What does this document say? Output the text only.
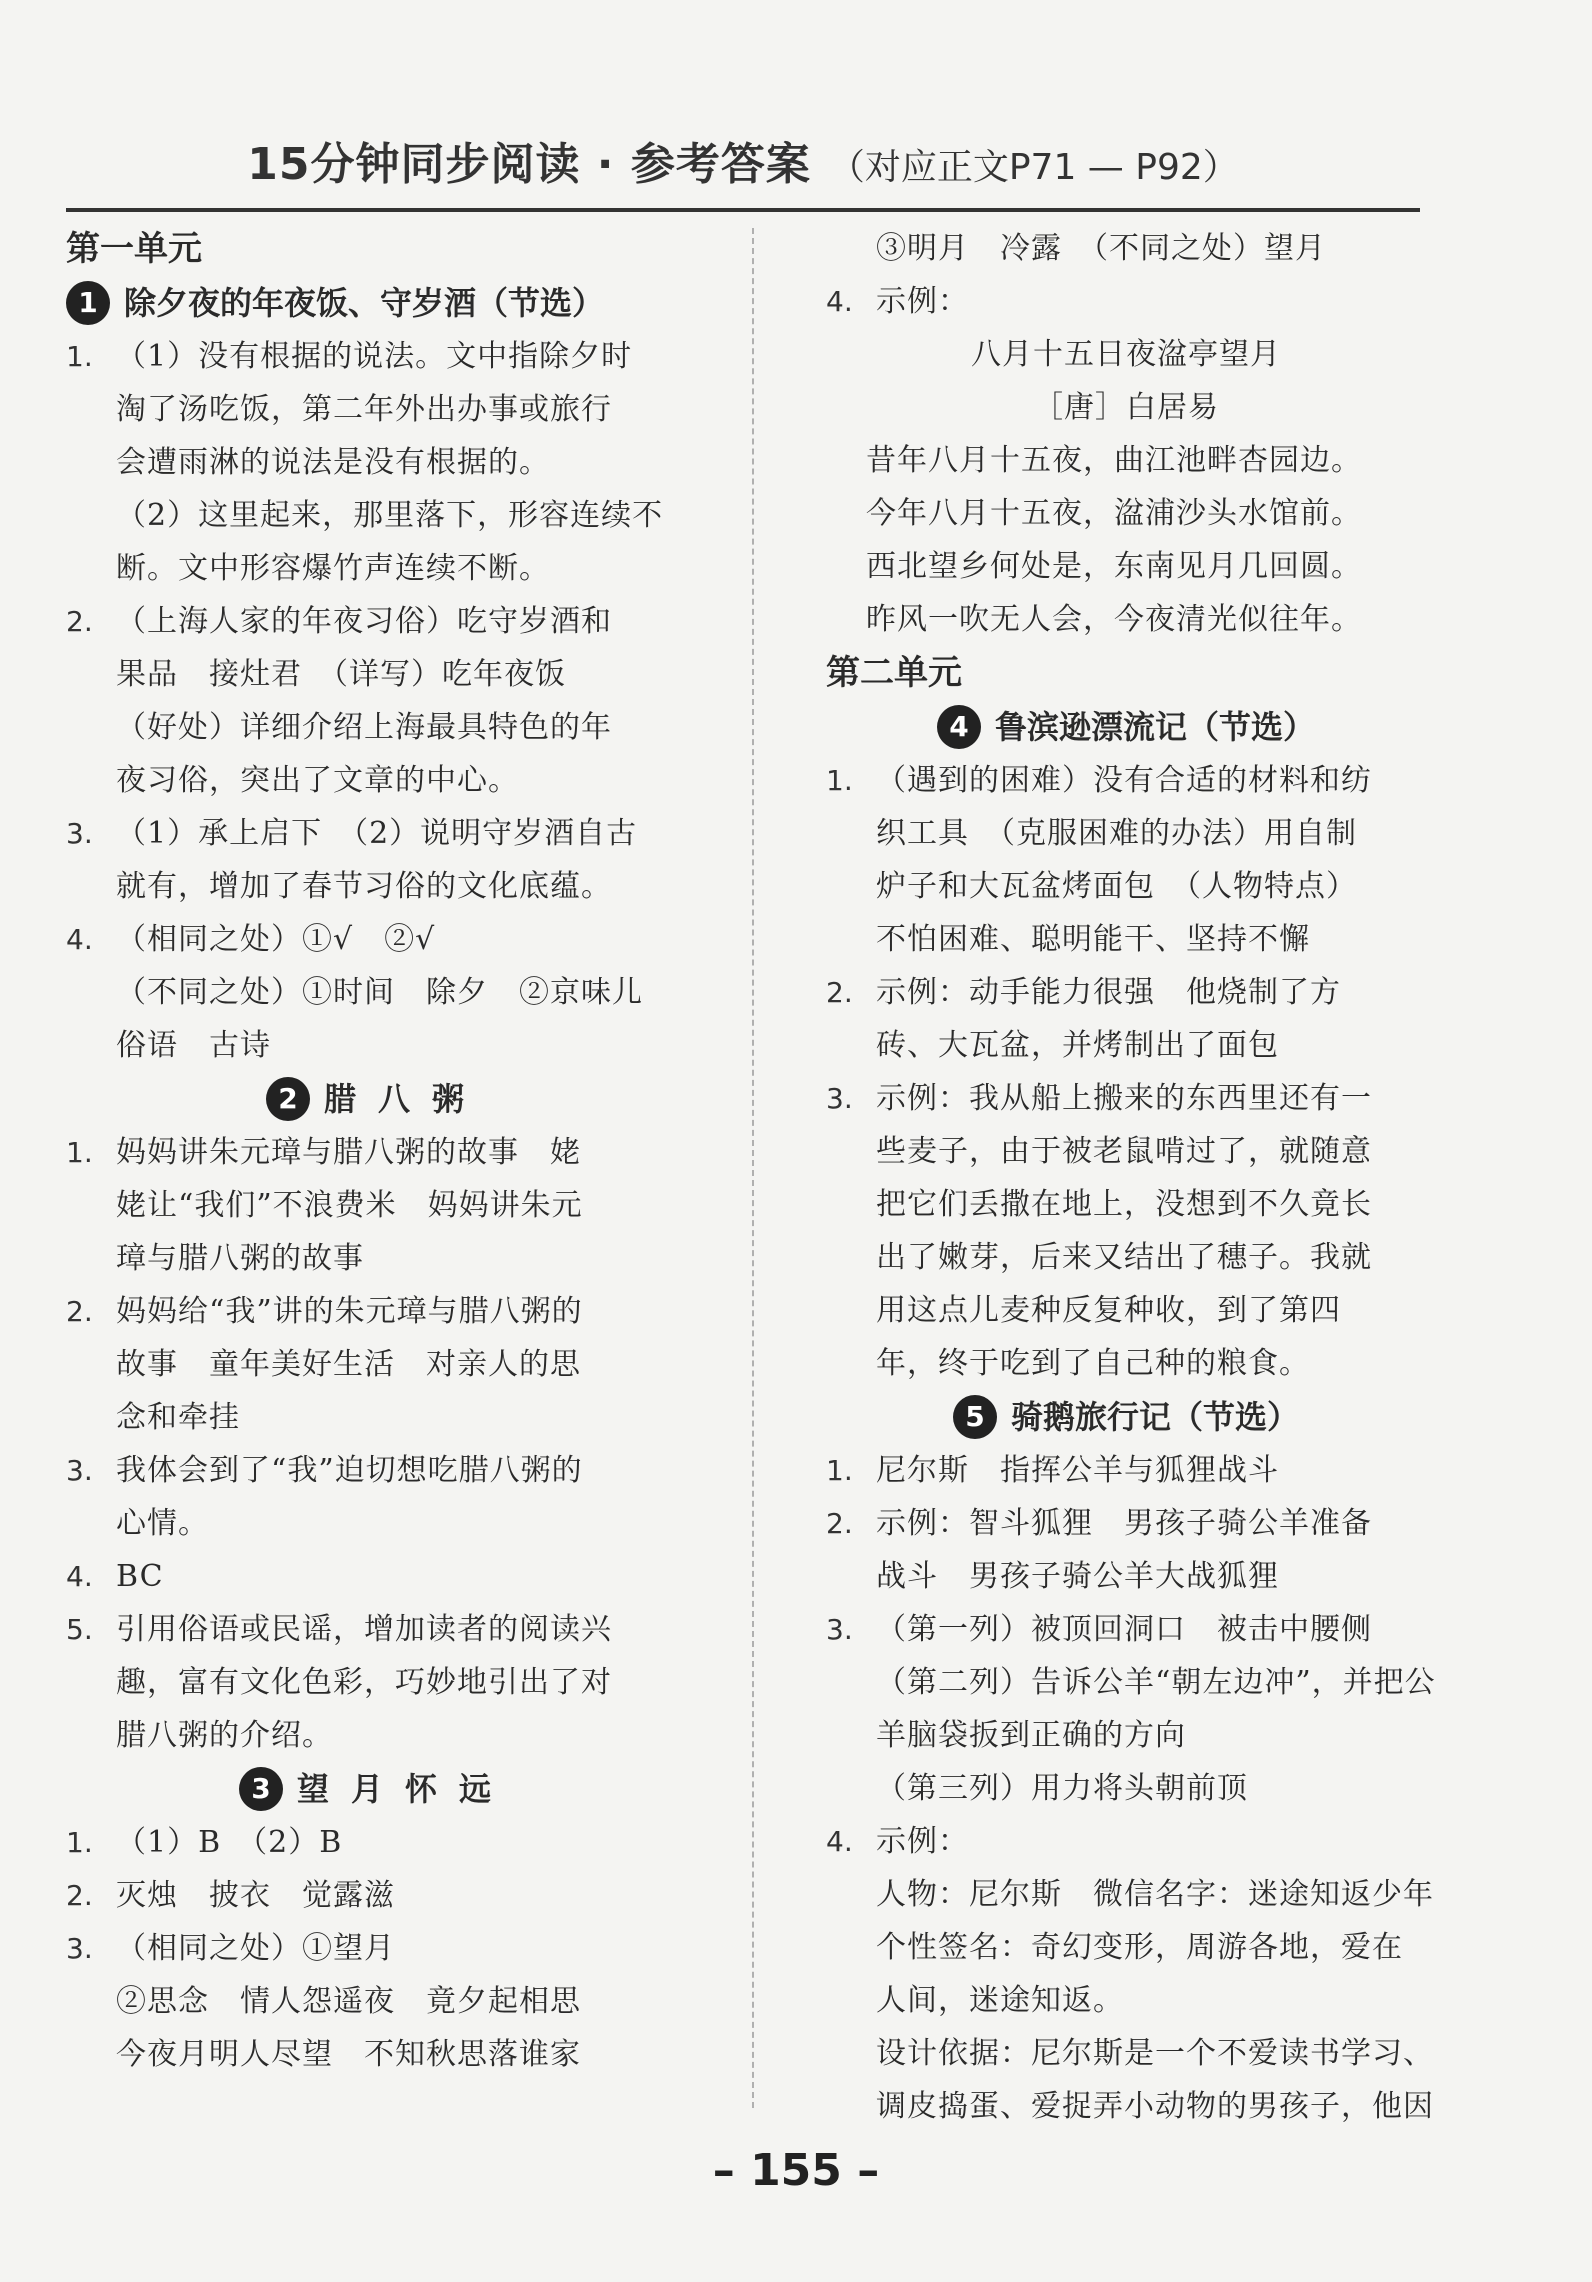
15分钟同步阅读 · 参考答案 （对应正文P71 — P92）
第一单元
1 除夕夜的年夜饭、守岁酒（节选）
1. （1）没有根据的说法。文中指除夕时
淘了汤吃饭，第二年外出办事或旅行
会遭雨淋的说法是没有根据的。
（2）这里起来，那里落下，形容连续不
断。文中形容爆竹声连续不断。
2. （上海人家的年夜习俗）吃守岁酒和
果品　接灶君　（详写）吃年夜饭
（好处）详细介绍上海最具特色的年
夜习俗，突出了文章的中心。
3. （1）承上启下　（2）说明守岁酒自古
就有，增加了春节习俗的文化底蕴。
4. （相同之处）①√　②√
（不同之处）①时间　除夕　②京味儿
俗语　古诗
2 腊八粥
1. 妈妈讲朱元璋与腊八粥的故事　姥
姥让“我们”不浪费米　妈妈讲朱元
璋与腊八粥的故事
2. 妈妈给“我”讲的朱元璋与腊八粥的
故事　童年美好生活　对亲人的思
念和牵挂
3. 我体会到了“我”迫切想吃腊八粥的
心情。
4. BC
5. 引用俗语或民谣，增加读者的阅读兴
趣，富有文化色彩，巧妙地引出了对
腊八粥的介绍。
3 望月怀远
1. （1）B　（2）B
2. 灭烛　披衣　觉露滋
3. （相同之处）①望月
②思念　情人怨遥夜　竟夕起相思
今夜月明人尽望　不知秋思落谁家
③明月　冷露　（不同之处）望月
4. 示例：
八月十五日夜湓亭望月
［唐］白居易
昔年八月十五夜，曲江池畔杏园边。
今年八月十五夜，湓浦沙头水馆前。
西北望乡何处是，东南见月几回圆。
昨风一吹无人会，今夜清光似往年。
第二单元
4 鲁滨逊漂流记（节选）
1. （遇到的困难）没有合适的材料和纺
织工具　（克服困难的办法）用自制
炉子和大瓦盆烤面包　（人物特点）
不怕困难、聪明能干、坚持不懈
2. 示例：动手能力很强　他烧制了方
砖、大瓦盆，并烤制出了面包
3. 示例：我从船上搬来的东西里还有一
些麦子，由于被老鼠啃过了，就随意
把它们丢撒在地上，没想到不久竟长
出了嫩芽，后来又结出了穗子。我就
用这点儿麦种反复种收，到了第四
年，终于吃到了自己种的粮食。
5 骑鹅旅行记（节选）
1. 尼尔斯　指挥公羊与狐狸战斗
2. 示例：智斗狐狸　男孩子骑公羊准备
战斗　男孩子骑公羊大战狐狸
3. （第一列）被顶回洞口　被击中腰侧
（第二列）告诉公羊“朝左边冲”，并把公
羊脑袋扳到正确的方向
（第三列）用力将头朝前顶
4. 示例：
人物：尼尔斯　微信名字：迷途知返少年
个性签名：奇幻变形，周游各地，爱在
人间，迷途知返。
设计依据：尼尔斯是一个不爱读书学习、
调皮捣蛋、爱捉弄小动物的男孩子，他因
– 155 –
